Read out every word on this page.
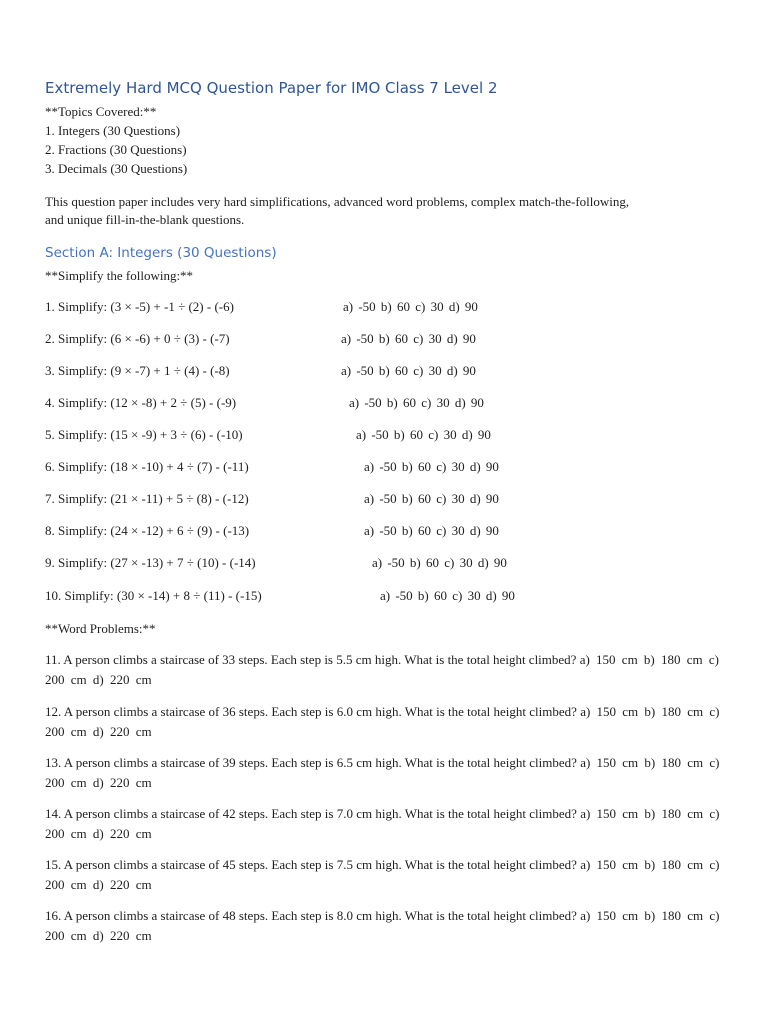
Extremely Hard MCQ Question Paper for IMO Class 7 Level 2
**Topics Covered:**
1. Integers (30 Questions)
2. Fractions (30 Questions)
3. Decimals (30 Questions)
This question paper includes very hard simplifications, advanced word problems, complex match-the-following,
and unique fill-in-the-blank questions.
Section A: Integers (30 Questions)
**Simplify the following:**
1. Simplify: (3 × -5) + -1 ÷ (2) - (-6)	a) -50 b) 60 c) 30 d) 90
2. Simplify: (6 × -6) + 0 ÷ (3) - (-7)	a) -50 b) 60 c) 30 d) 90
3. Simplify: (9 × -7) + 1 ÷ (4) - (-8)	a) -50 b) 60 c) 30 d) 90
4. Simplify: (12 × -8) + 2 ÷ (5) - (-9)	a) -50 b) 60 c) 30 d) 90
5. Simplify: (15 × -9) + 3 ÷ (6) - (-10)	a) -50 b) 60 c) 30 d) 90
6. Simplify: (18 × -10) + 4 ÷ (7) - (-11)	a) -50 b) 60 c) 30 d) 90
7. Simplify: (21 × -11) + 5 ÷ (8) - (-12)	a) -50 b) 60 c) 30 d) 90
8. Simplify: (24 × -12) + 6 ÷ (9) - (-13)	a) -50 b) 60 c) 30 d) 90
9. Simplify: (27 × -13) + 7 ÷ (10) - (-14)	a) -50 b) 60 c) 30 d) 90
10. Simplify: (30 × -14) + 8 ÷ (11) - (-15)	a) -50 b) 60 c) 30 d) 90
**Word Problems:**
11. A person climbs a staircase of 33 steps. Each step is 5.5 cm high. What is the total height climbed? a) 150 cm b) 180 cm c) 200 cm d) 220 cm
12. A person climbs a staircase of 36 steps. Each step is 6.0 cm high. What is the total height climbed? a) 150 cm b) 180 cm c) 200 cm d) 220 cm
13. A person climbs a staircase of 39 steps. Each step is 6.5 cm high. What is the total height climbed? a) 150 cm b) 180 cm c) 200 cm d) 220 cm
14. A person climbs a staircase of 42 steps. Each step is 7.0 cm high. What is the total height climbed? a) 150 cm b) 180 cm c) 200 cm d) 220 cm
15. A person climbs a staircase of 45 steps. Each step is 7.5 cm high. What is the total height climbed? a) 150 cm b) 180 cm c) 200 cm d) 220 cm
16. A person climbs a staircase of 48 steps. Each step is 8.0 cm high. What is the total height climbed? a) 150 cm b) 180 cm c) 200 cm d) 220 cm
